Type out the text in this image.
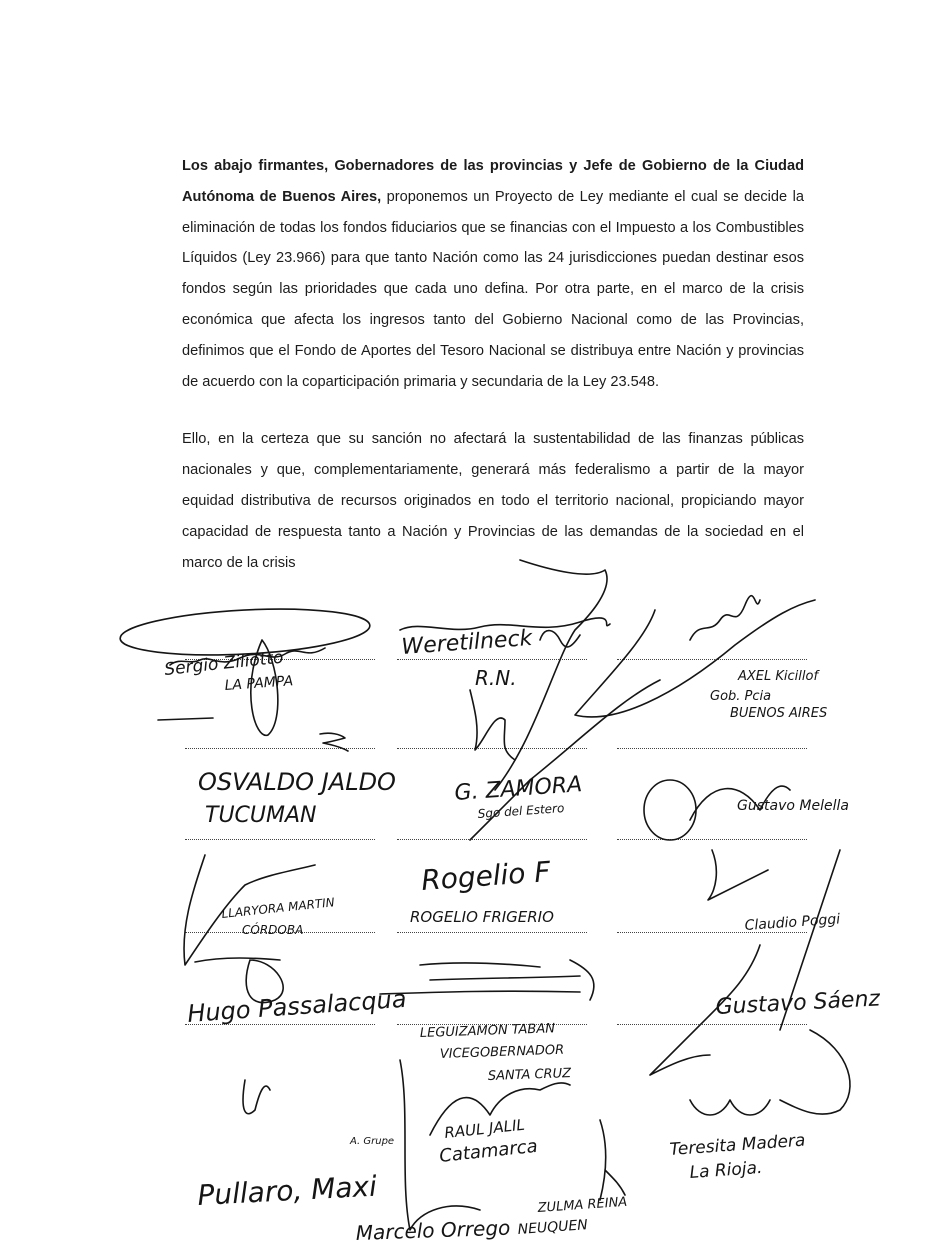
Los abajo firmantes, Gobernadores de las provincias y Jefe de Gobierno de la Ciudad Autónoma de Buenos Aires, proponemos un Proyecto de Ley mediante el cual se decide la eliminación de todas los fondos fiduciarios que se financias con el Impuesto a los Combustibles Líquidos (Ley 23.966) para que tanto Nación como las 24 jurisdicciones puedan destinar esos fondos según las prioridades que cada uno defina. Por otra parte, en el marco de la crisis económica que afecta los ingresos tanto del Gobierno Nacional como de las Provincias, definimos que el Fondo de Aportes del Tesoro Nacional se distribuya entre Nación y provincias de acuerdo con la coparticipación primaria y secundaria de la Ley 23.548.

Ello, en la certeza que su sanción no afectará la sustentabilidad de las finanzas públicas nacionales y que, complementariamente, generará más federalismo a partir de la mayor equidad distributiva de recursos originados en todo el territorio nacional, propiciando mayor capacidad de respuesta tanto a Nación y Provincias de las demandas de la sociedad en el marco de la crisis

Sergio Ziliotto
LA PAMPA
Weretilneck
R.N.	AXEL Kicillof
Gob. Pcia
BUENOS AIRES
OSVALDO JALDO
TUCUMAN
G. ZAMORA
Sgo del Estero	Gustavo Melella
LLARYORA MARTIN
CÓRDOBA
Rogelio F
ROGELIO FRIGERIO	Claudio Poggi
Hugo Passalacqua
LEGUIZAMON TABAN
VICEGOBERNADOR
SANTA CRUZ
Gustavo Sáenz
A. Grupe	RAUL JALIL
Catamarca	Teresita Madera
La Rioja.
Pullaro, Maxi	ZULMA REINA
Marcelo Orrego NEUQUEN
